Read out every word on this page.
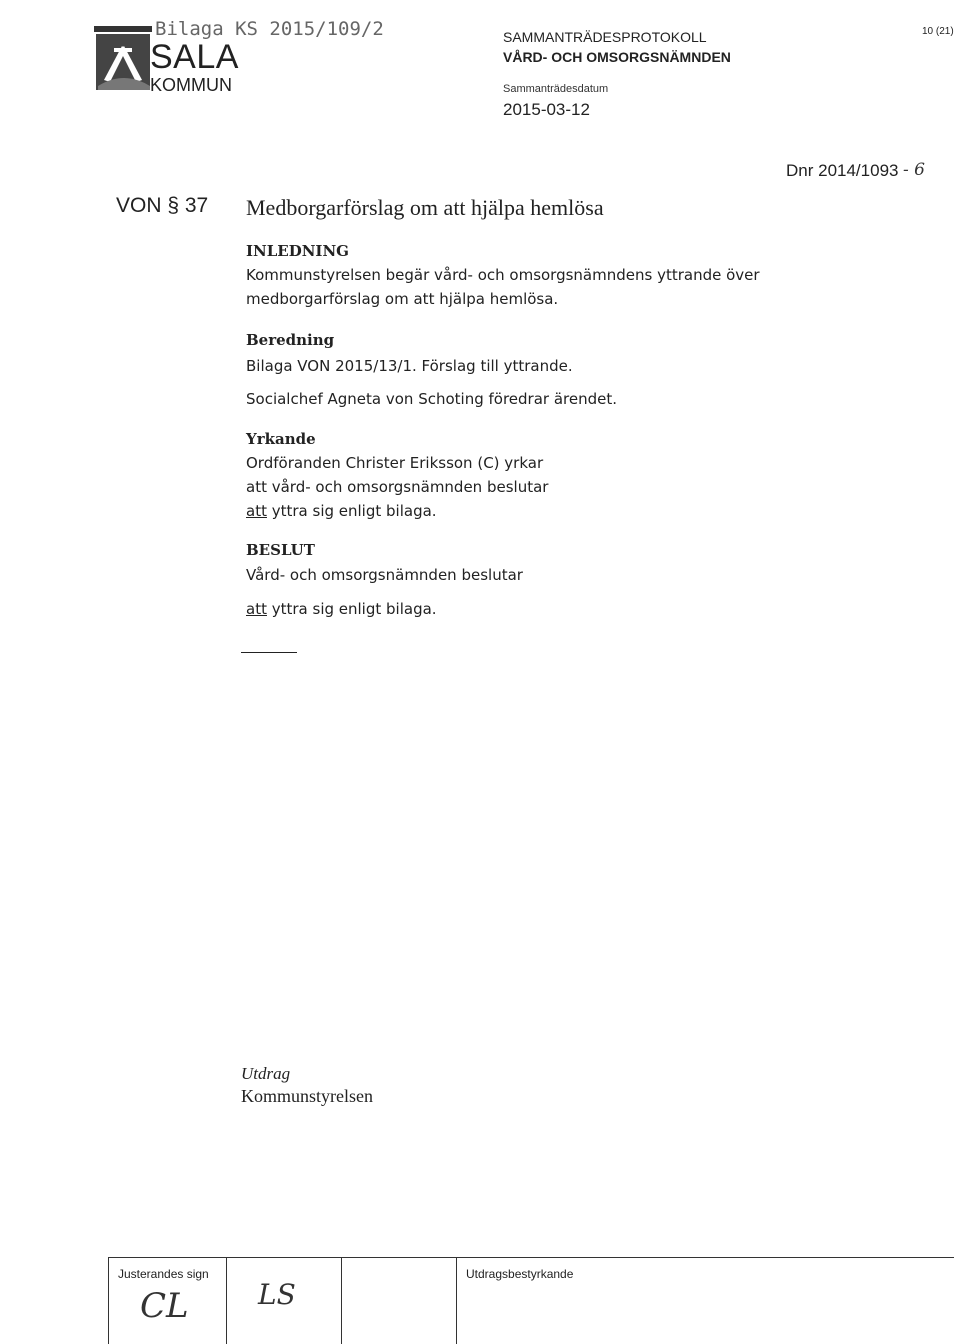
SALA
KOMMUN
Bilaga KS 2015/109/2	SAMMANTRÄDESPROTOKOLL
VÅRD- OCH OMSORGSNÄMNDEN
Sammanträdesdatum
2015-03-12
10 (21)
Dnr 2014/1093 - 6
VON § 37 Medborgarförslag om att hjälpa hemlösa
INLEDNING
Kommunstyrelsen begär vård- och omsorgsnämndens yttrande över
medborgarförslag om att hjälpa hemlösa.
Beredning
Bilaga VON 2015/13/1. Förslag till yttrande.
Socialchef Agneta von Schoting föredrar ärendet.
Yrkande
Ordföranden Christer Eriksson (C) yrkar
att vård- och omsorgsnämnden beslutar
att yttra sig enligt bilaga.
BESLUT
Vård- och omsorgsnämnden beslutar
att yttra sig enligt bilaga.
Utdrag
Kommunstyrelsen
Justerandes sign	Utdragsbestyrkande
CL LS
